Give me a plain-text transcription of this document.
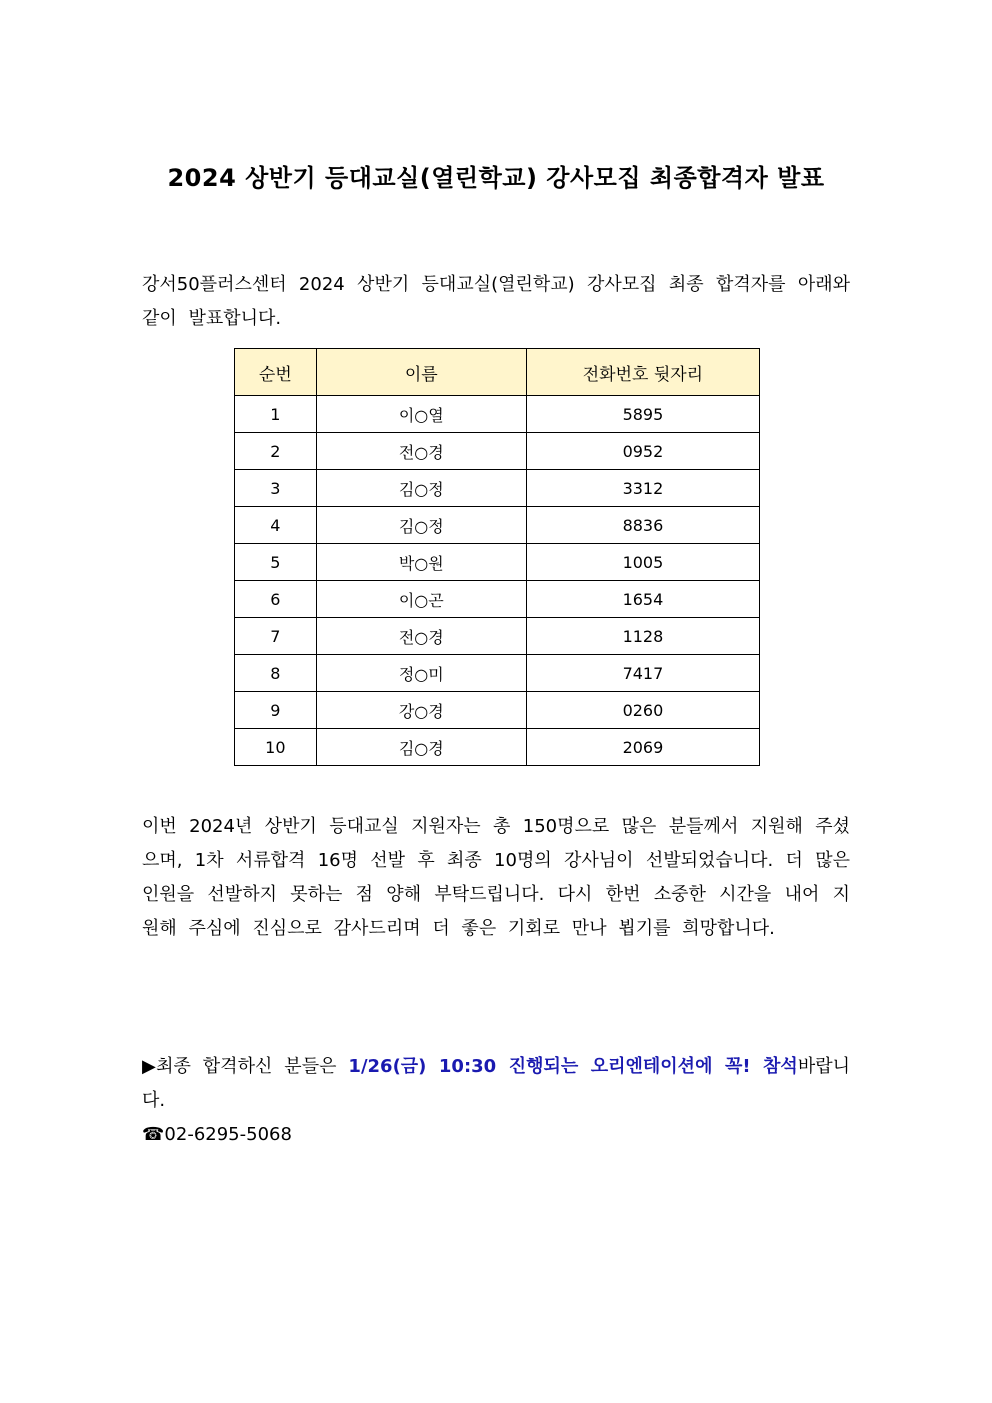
2024 상반기 등대교실(열린학교) 강사모집 최종합격자 발표
강서50플러스센터 2024 상반기 등대교실(열린학교) 강사모집 최종 합격자를 아래와 같이 발표합니다.
순번	이름	전화번호 뒷자리
1	이○열	5895
2	전○경	0952
3	김○정	3312
4	김○정	8836
5	박○원	1005
6	이○곤	1654
7	전○경	1128
8	정○미	7417
9	강○경	0260
10	김○경	2069
이번 2024년 상반기 등대교실 지원자는 총 150명으로 많은 분들께서 지원해 주셨으며, 1차 서류합격 16명 선발 후 최종 10명의 강사님이 선발되었습니다. 더 많은 인원을 선발하지 못하는 점 양해 부탁드립니다. 다시 한번 소중한 시간을 내어 지원해 주심에 진심으로 감사드리며 더 좋은 기회로 만나 뵙기를 희망합니다.
▶최종 합격하신 분들은 1/26(금) 10:30 진행되는 오리엔테이션에 꼭! 참석바랍니다.
☎02-6295-5068
